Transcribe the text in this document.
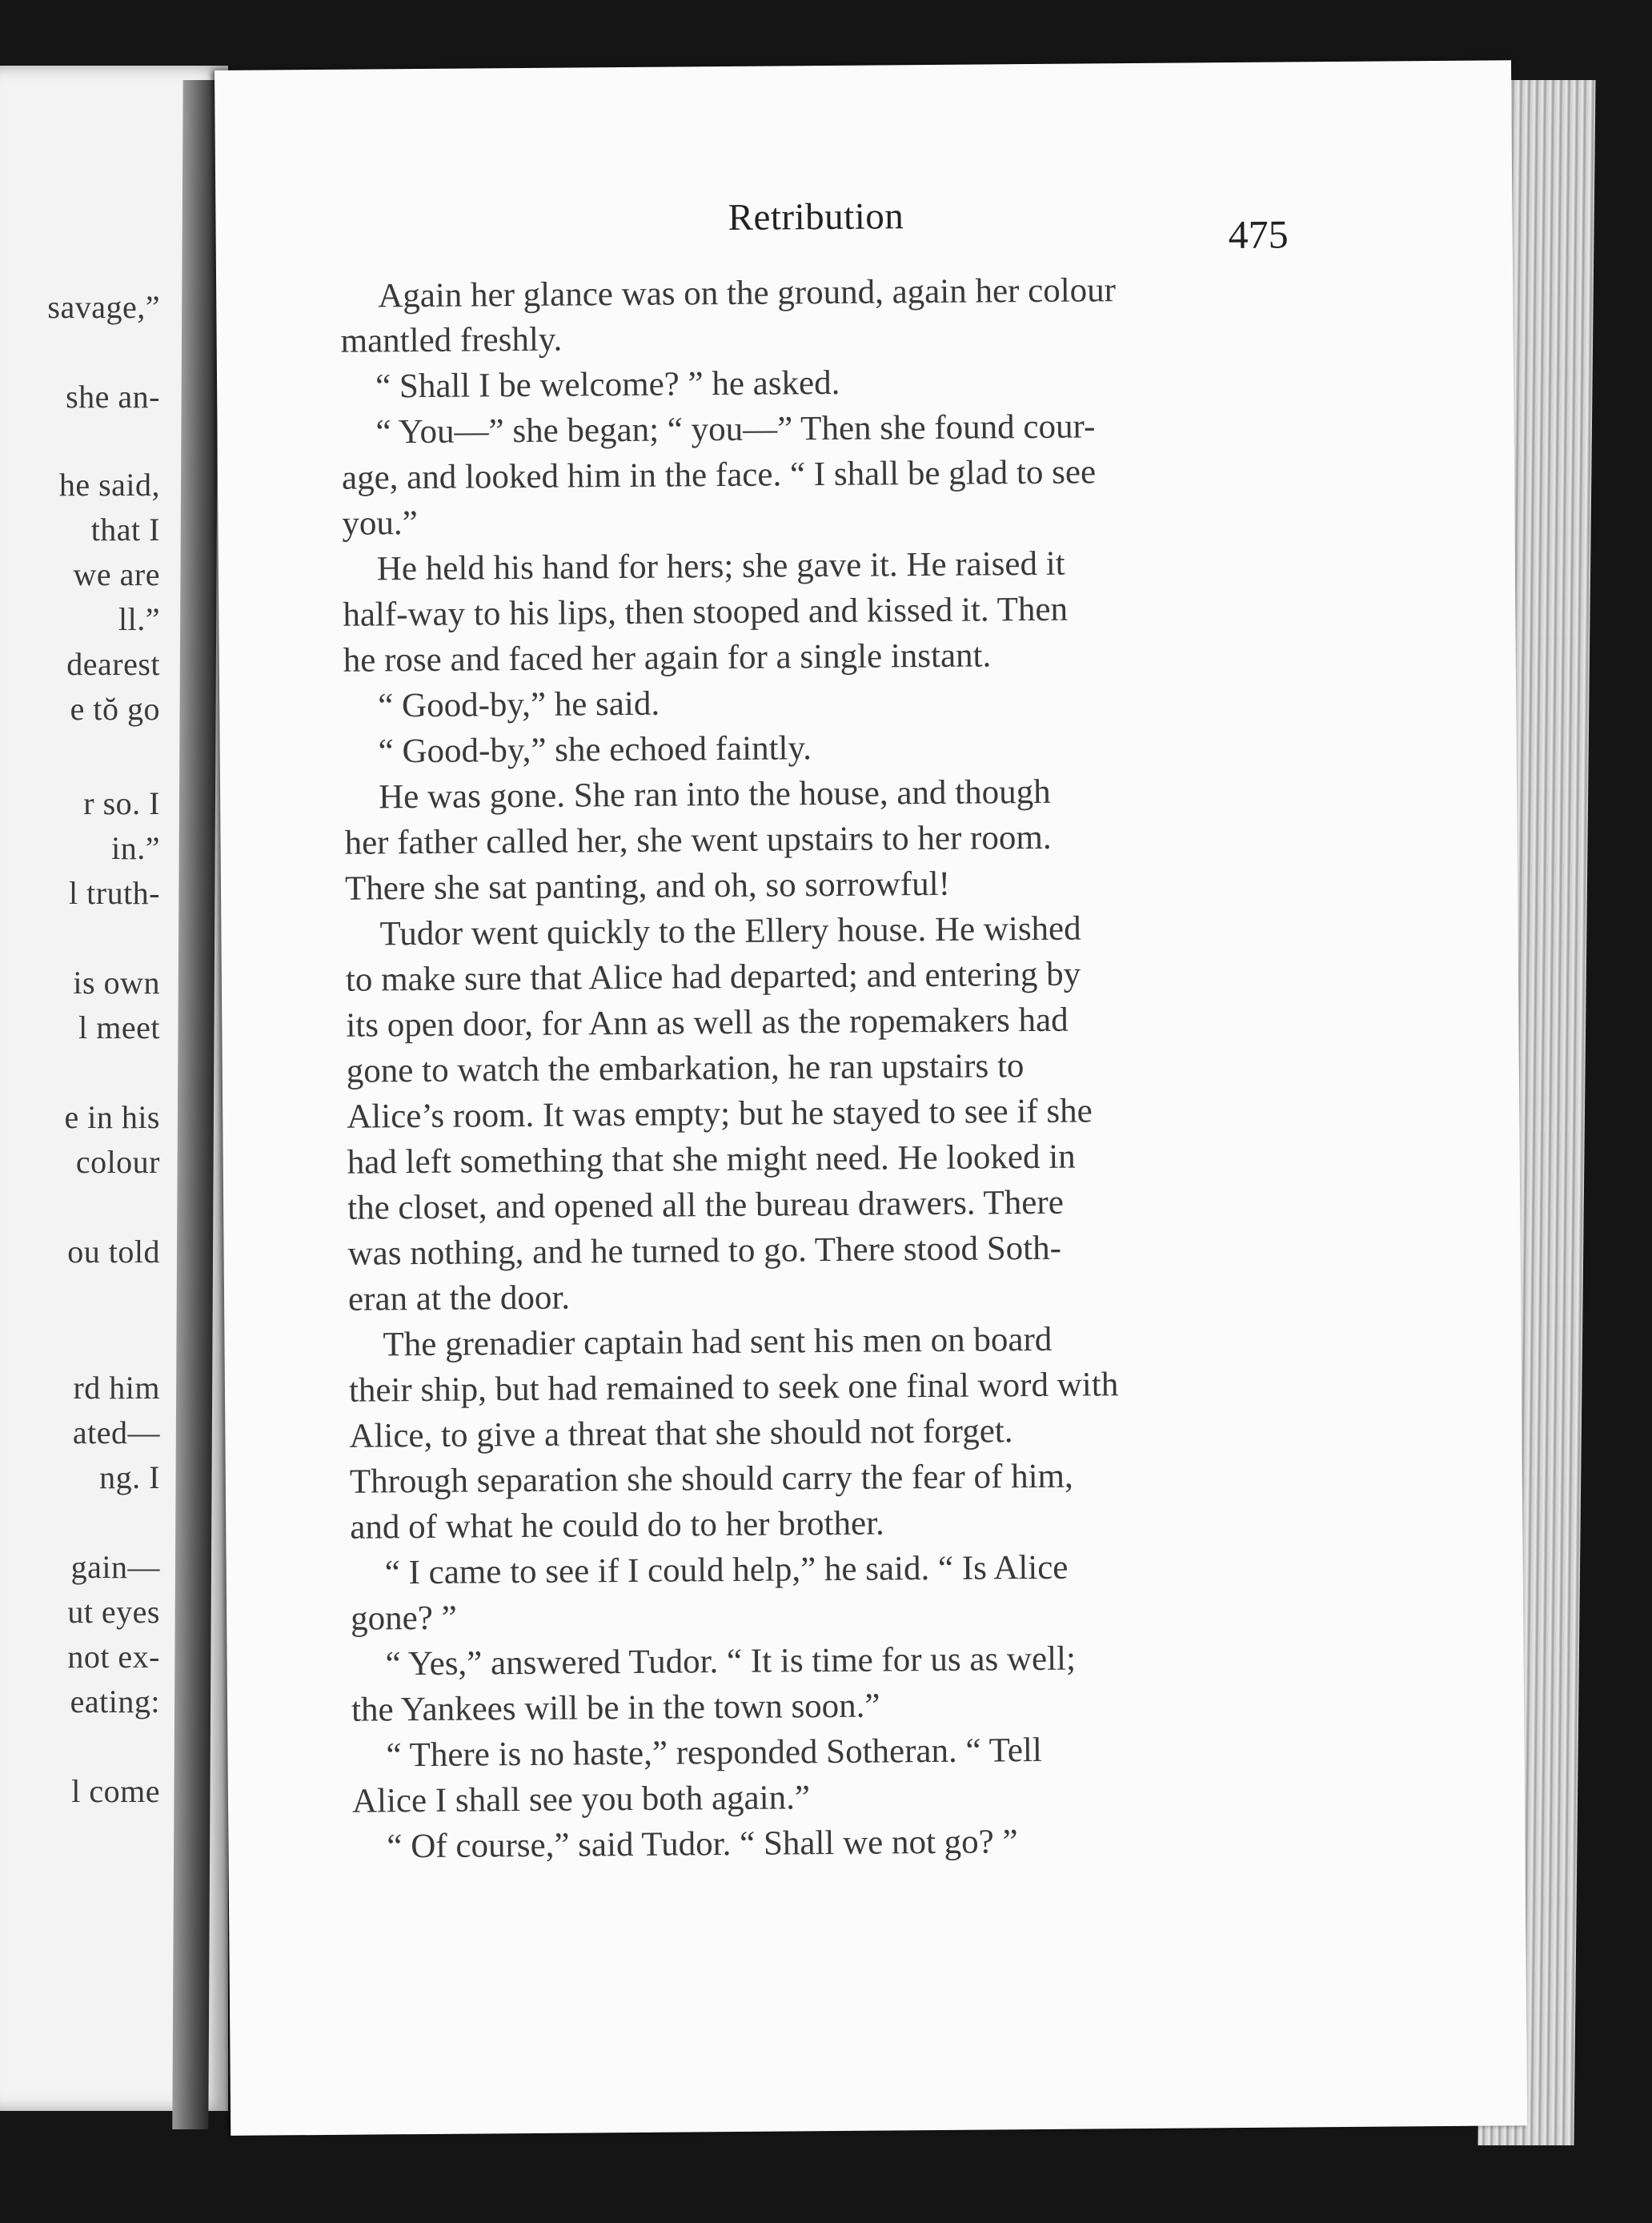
savage,”

she an-

he said,

that I

we are

ll.”

dearest

e tŏ go

r so. I

in.”

l truth-

is own

l meet

e in his

colour

ou told

rd him

ated—

ng. I

gain—

ut eyes

not ex-

eating:

l come

Retribution	475

Again her glance was on the ground, again her colour

mantled freshly.

“ Shall I be welcome? ” he asked.

“ You—” she began; “ you—” Then she found cour-

age, and looked him in the face. “ I shall be glad to see

you.”

He held his hand for hers; she gave it. He raised it

half-way to his lips, then stooped and kissed it. Then

he rose and faced her again for a single instant.

“ Good-by,” he said.

“ Good-by,” she echoed faintly.

He was gone. She ran into the house, and though

her father called her, she went upstairs to her room.

There she sat panting, and oh, so sorrowful!

Tudor went quickly to the Ellery house. He wished

to make sure that Alice had departed; and entering by

its open door, for Ann as well as the ropemakers had

gone to watch the embarkation, he ran upstairs to

Alice’s room. It was empty; but he stayed to see if she

had left something that she might need. He looked in

the closet, and opened all the bureau drawers. There

was nothing, and he turned to go. There stood Soth-

eran at the door.

The grenadier captain had sent his men on board

their ship, but had remained to seek one final word with

Alice, to give a threat that she should not forget.

Through separation she should carry the fear of him,

and of what he could do to her brother.

“ I came to see if I could help,” he said. “ Is Alice

gone? ”

“ Yes,” answered Tudor. “ It is time for us as well;

the Yankees will be in the town soon.”

“ There is no haste,” responded Sotheran. “ Tell

Alice I shall see you both again.”

“ Of course,” said Tudor. “ Shall we not go? ”
